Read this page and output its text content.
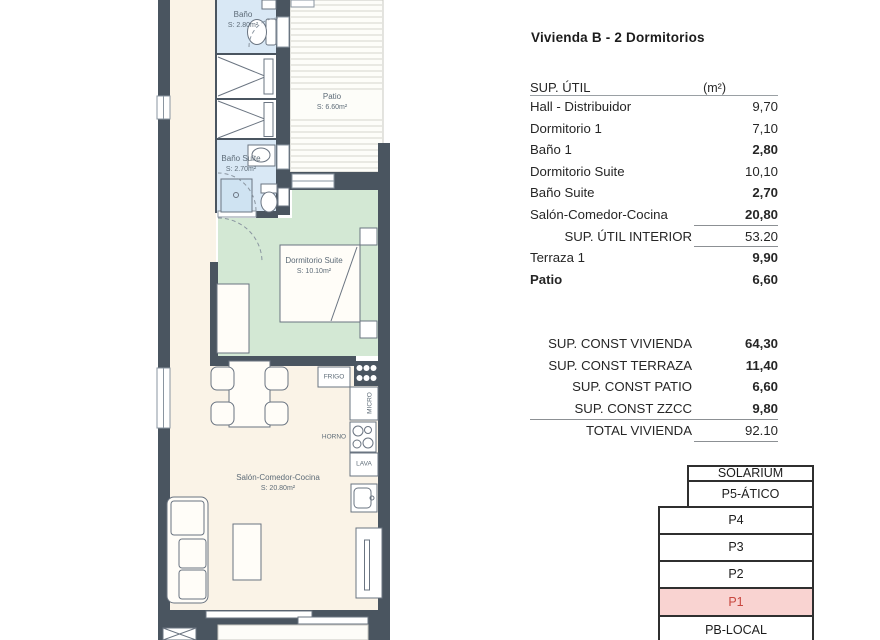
Baño
S: 2.80m²
Patio
S: 6.60m²
Baño Suite
S: 2.70m²
Dormitorio Suite
S: 10.10m²
Salón-Comedor-Cocina
S: 20.80m²
FRIGO
MICRO
HORNO
LAVA
Vivienda B - 2 Dormitorios
SUP. ÚTIL	(m²)
Hall - Distribuidor	9,70
Dormitorio 1	7,10
Baño 1	2,80
Dormitorio Suite	10,10
Baño Suite	2,70
Salón-Comedor-Cocina	20,80
SUP. ÚTIL INTERIOR	53.20
Terraza 1	9,90
Patio	6,60
SUP. CONST VIVIENDA	64,30
SUP. CONST TERRAZA	11,40
SUP. CONST PATIO	6,60
SUP. CONST ZZCC	9,80
TOTAL VIVIENDA	92.10
SOLARIUM
P5-ÁTICO
P4
P3
P2
P1
PB-LOCAL
